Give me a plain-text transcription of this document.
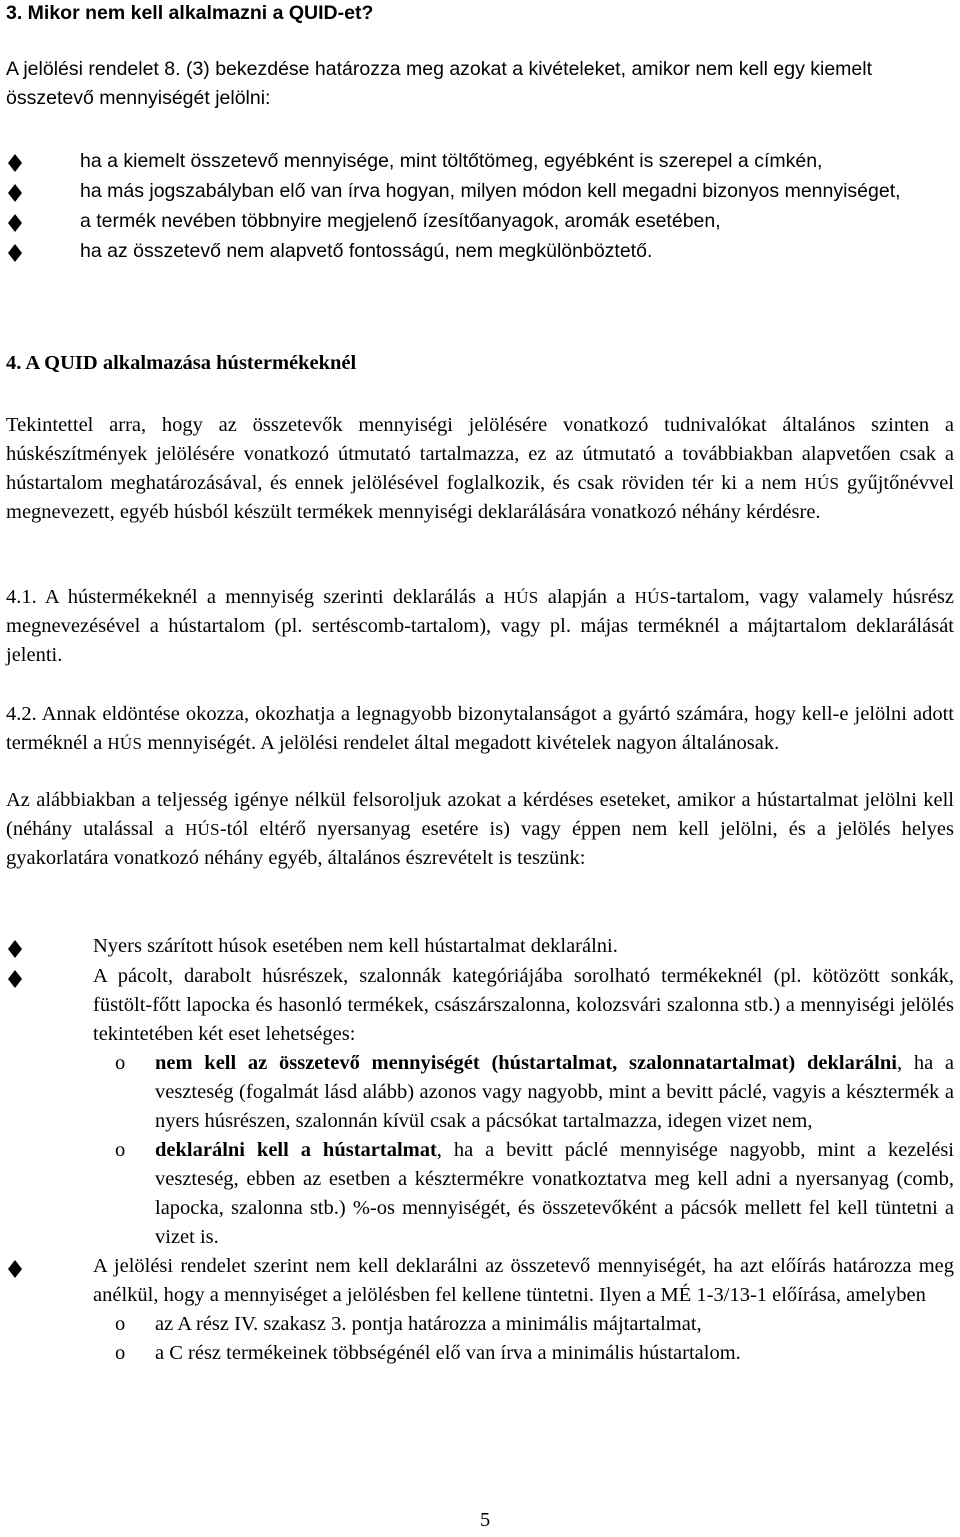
3. Mikor nem kell alkalmazni a QUID-et?
A jelölési rendelet 8. (3) bekezdése határozza meg azokat a kivételeket, amikor nem kell egy kiemelt összetevő mennyiségét jelölni:
ha a kiemelt összetevő mennyisége, mint töltőtömeg, egyébként is szerepel a címkén,
ha más jogszabályban elő van írva hogyan, milyen módon kell megadni bizonyos mennyiséget,
a termék nevében többnyire megjelenő ízesítőanyagok, aromák esetében,
ha az összetevő nem alapvető fontosságú, nem megkülönböztető.
4. A QUID alkalmazása hústermékeknél
Tekintettel arra, hogy az összetevők mennyiségi jelölésére vonatkozó tudnivalókat általános szinten a húskészítmények jelölésére vonatkozó útmutató tartalmazza, ez az útmutató a továbbiakban alapvetően csak a hústartalom meghatározásával, és ennek jelölésével foglalkozik, és csak röviden tér ki a nem HÚS gyűjtőnévvel megnevezett, egyéb húsból készült termékek mennyiségi deklarálására vonatkozó néhány kérdésre.
4.1. A hústermékeknél a mennyiség szerinti deklarálás a HÚS alapján a HÚS-tartalom, vagy valamely húsrész megnevezésével a hústartalom (pl. sertéscomb-tartalom), vagy pl. májas terméknél a májtartalom deklarálását jelenti.
4.2. Annak eldöntése okozza, okozhatja a legnagyobb bizonytalanságot a gyártó számára, hogy kell-e jelölni adott terméknél a HÚS mennyiségét. A jelölési rendelet által megadott kivételek nagyon általánosak.
Az alábbiakban a teljesség igénye nélkül felsoroljuk azokat a kérdéses eseteket, amikor a hústartalmat jelölni kell (néhány utalással a HÚS-tól eltérő nyersanyag esetére is) vagy éppen nem kell jelölni, és a jelölés helyes gyakorlatára vonatkozó néhány egyéb, általános észrevételt is teszünk:
Nyers szárított húsok esetében nem kell hústartalmat deklarálni.
A pácolt, darabolt húsrészek, szalonnák kategóriájába sorolható termékeknél (pl. kötözött sonkák, füstölt-főtt lapocka és hasonló termékek, császárszalonna, kolozsvári szalonna stb.) a mennyiségi jelölés tekintetében két eset lehetséges:
o nem kell az összetevő mennyiségét (hústartalmat, szalonnatartalmat) deklarálni, ha a veszteség (fogalmát lásd alább) azonos vagy nagyobb, mint a bevitt páclé, vagyis a késztermék a nyers húsrészen, szalonnán kívül csak a pácsókat tartalmazza, idegen vizet nem,
o deklarálni kell a hústartalmat, ha a bevitt páclé mennyisége nagyobb, mint a kezelési veszteség, ebben az esetben a késztermékre vonatkoztatva meg kell adni a nyersanyag (comb, lapocka, szalonna stb.) %-os mennyiségét, és összetevőként a pácsók mellett fel kell tüntetni a vizet is.
A jelölési rendelet szerint nem kell deklarálni az összetevő mennyiségét, ha azt előírás határozza meg anélkül, hogy a mennyiséget a jelölésben fel kellene tüntetni. Ilyen a MÉ 1-3/13-1 előírása, amelyben
o az A rész IV. szakasz 3. pontja határozza a minimális májtartalmat,
o a C rész termékeinek többségénél elő van írva a minimális hústartalom.
5
